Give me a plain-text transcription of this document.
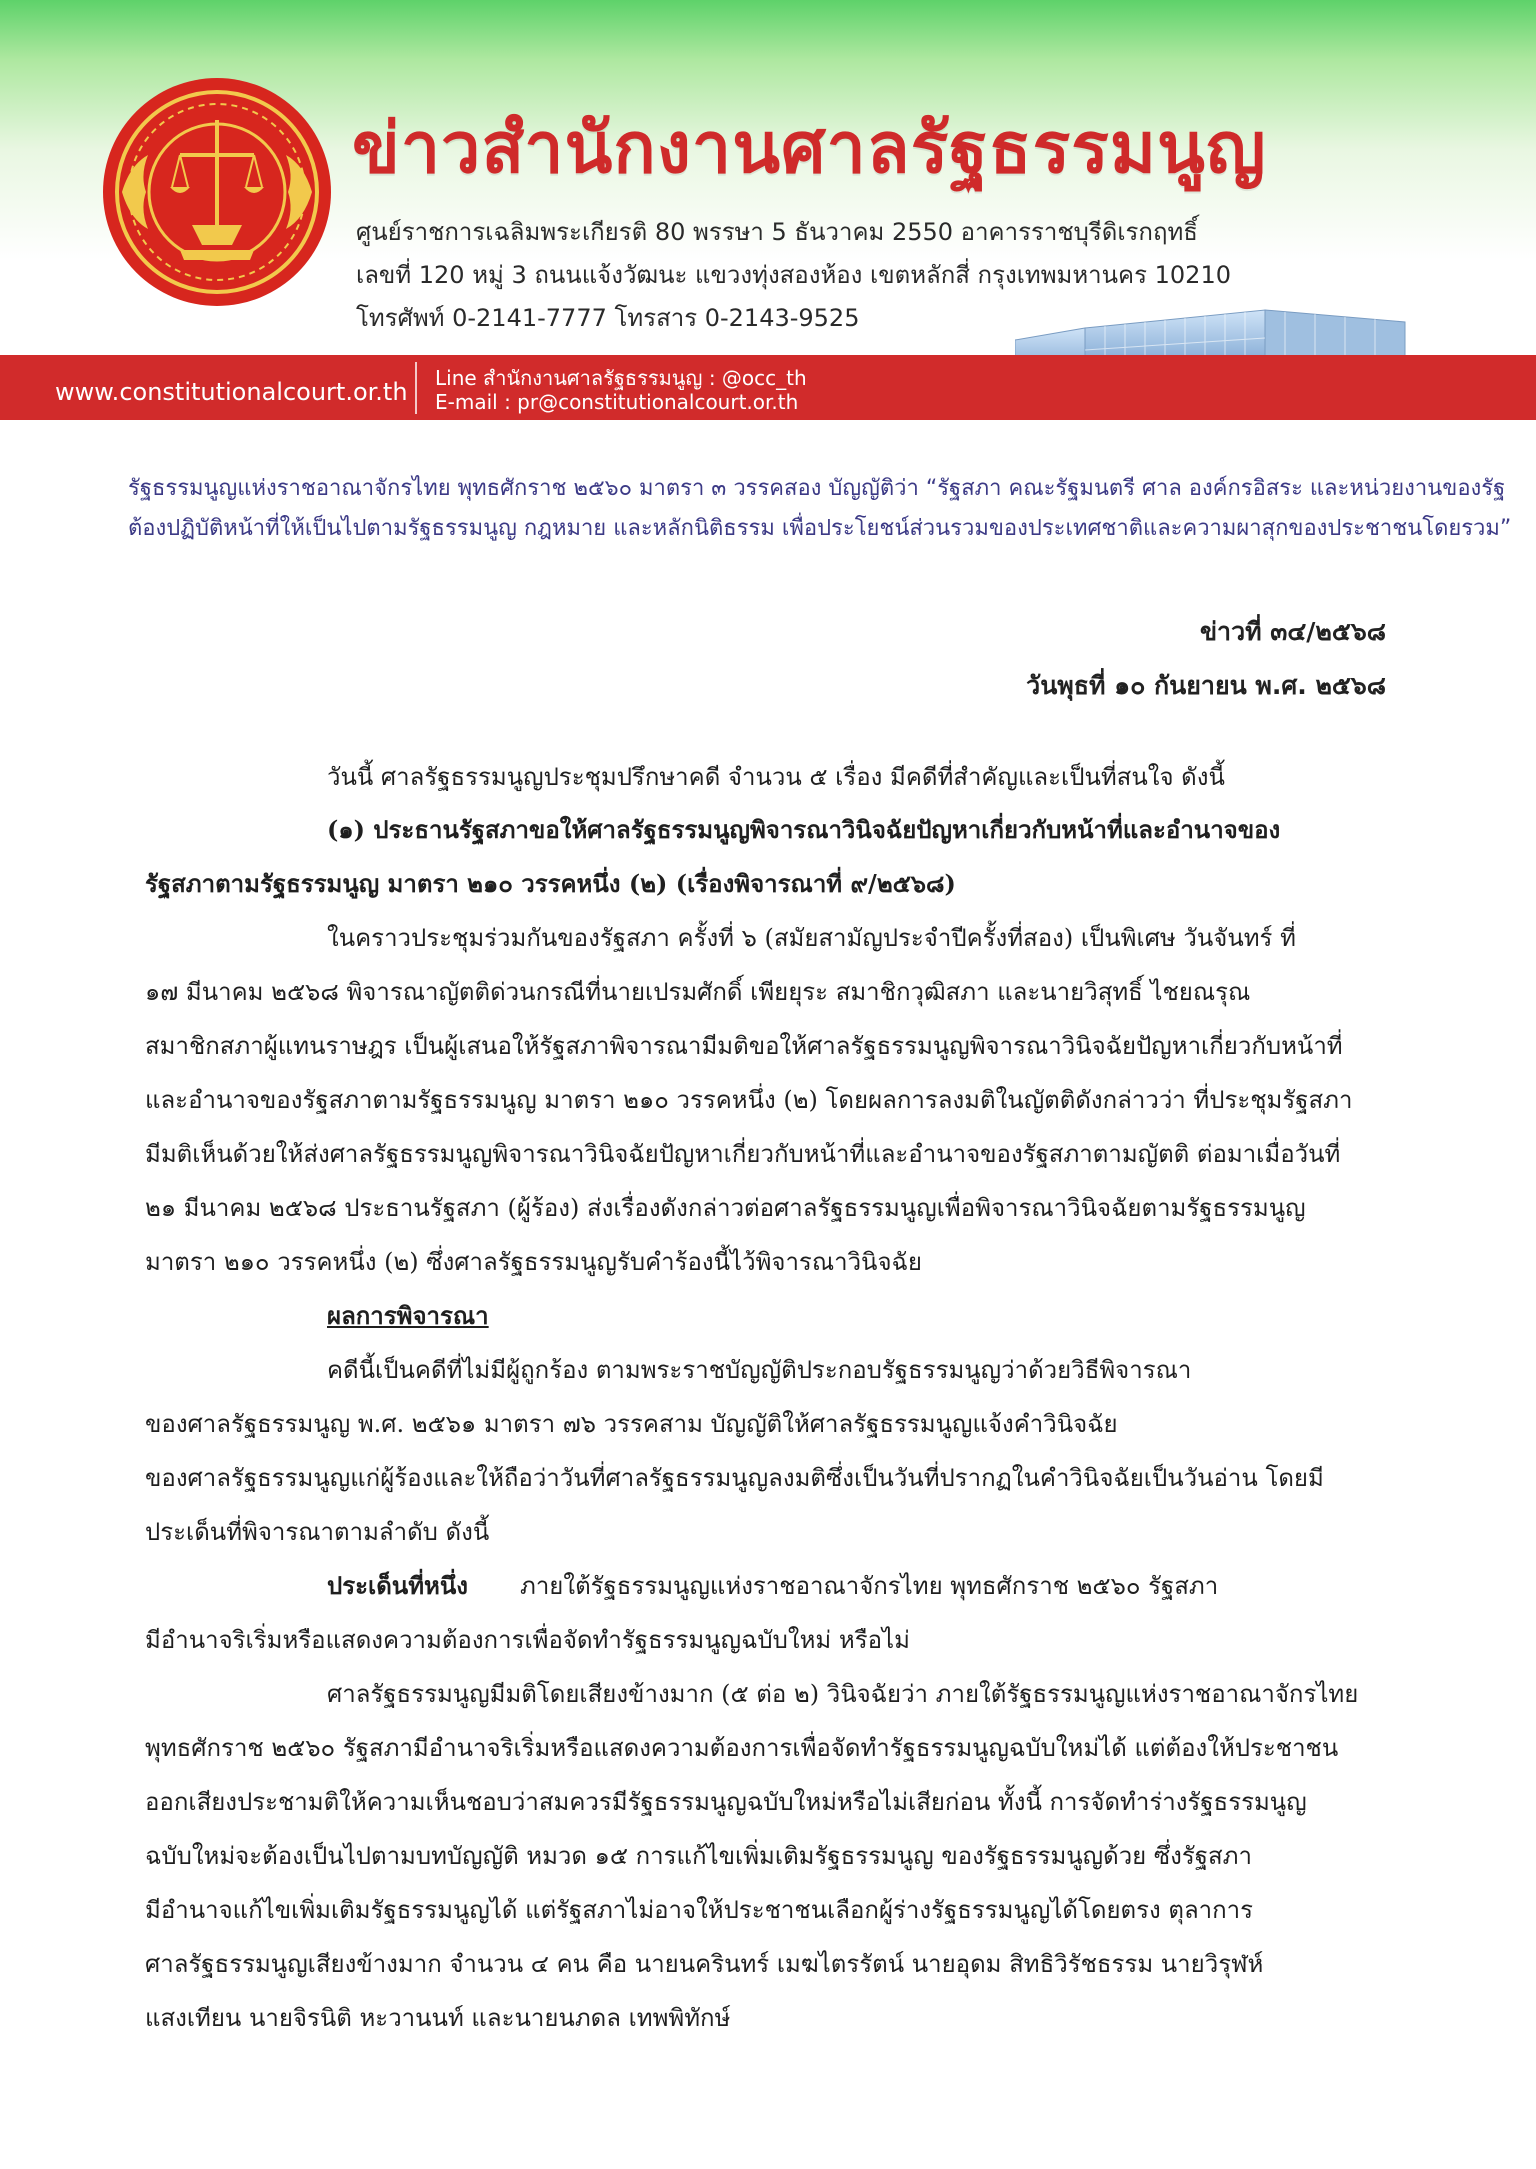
ข่าวสำนักงานศาลรัฐธรรมนูญ
ศูนย์ราชการเฉลิมพระเกียรติ 80 พรรษา 5 ธันวาคม 2550 อาคารราชบุรีดิเรกฤทธิ์
เลขที่ 120 หมู่ 3 ถนนแจ้งวัฒนะ แขวงทุ่งสองห้อง เขตหลักสี่ กรุงเทพมหานคร 10210
โทรศัพท์ 0-2141-7777 โทรสาร 0-2143-9525
www.constitutionalcourt.or.th Line สำนักงานศาลรัฐธรรมนูญ : @occ_th
E-mail : pr@constitutionalcourt.or.th
รัฐธรรมนูญแห่งราชอาณาจักรไทย พุทธศักราช ๒๕๖๐ มาตรา ๓ วรรคสอง บัญญัติว่า “รัฐสภา คณะรัฐมนตรี ศาล องค์กรอิสระ และหน่วยงานของรัฐ
ต้องปฏิบัติหน้าที่ให้เป็นไปตามรัฐธรรมนูญ กฎหมาย และหลักนิติธรรม เพื่อประโยชน์ส่วนรวมของประเทศชาติและความผาสุกของประชาชนโดยรวม”
ข่าวที่ ๓๔/๒๕๖๘
วันพุธที่ ๑๐ กันยายน พ.ศ. ๒๕๖๘
วันนี้ ศาลรัฐธรรมนูญประชุมปรึกษาคดี จำนวน ๕ เรื่อง มีคดีที่สำคัญและเป็นที่สนใจ ดังนี้
(๑) ประธานรัฐสภาขอให้ศาลรัฐธรรมนูญพิจารณาวินิจฉัยปัญหาเกี่ยวกับหน้าที่และอำนาจของ
รัฐสภาตามรัฐธรรมนูญ มาตรา ๒๑๐ วรรคหนึ่ง (๒) (เรื่องพิจารณาที่ ๙/๒๕๖๘)
ในคราวประชุมร่วมกันของรัฐสภา ครั้งที่ ๖ (สมัยสามัญประจำปีครั้งที่สอง) เป็นพิเศษ วันจันทร์ ที่
๑๗ มีนาคม ๒๕๖๘ พิจารณาญัตติด่วนกรณีที่นายเปรมศักดิ์ เพียยุระ สมาชิกวุฒิสภา และนายวิสุทธิ์ ไชยณรุณ
สมาชิกสภาผู้แทนราษฎร เป็นผู้เสนอให้รัฐสภาพิจารณามีมติขอให้ศาลรัฐธรรมนูญพิจารณาวินิจฉัยปัญหาเกี่ยวกับหน้าที่
และอำนาจของรัฐสภาตามรัฐธรรมนูญ มาตรา ๒๑๐ วรรคหนึ่ง (๒) โดยผลการลงมติในญัตติดังกล่าวว่า ที่ประชุมรัฐสภา
มีมติเห็นด้วยให้ส่งศาลรัฐธรรมนูญพิจารณาวินิจฉัยปัญหาเกี่ยวกับหน้าที่และอำนาจของรัฐสภาตามญัตติ ต่อมาเมื่อวันที่
๒๑ มีนาคม ๒๕๖๘ ประธานรัฐสภา (ผู้ร้อง) ส่งเรื่องดังกล่าวต่อศาลรัฐธรรมนูญเพื่อพิจารณาวินิจฉัยตามรัฐธรรมนูญ
มาตรา ๒๑๐ วรรคหนึ่ง (๒) ซึ่งศาลรัฐธรรมนูญรับคำร้องนี้ไว้พิจารณาวินิจฉัย
ผลการพิจารณา
คดีนี้เป็นคดีที่ไม่มีผู้ถูกร้อง ตามพระราชบัญญัติประกอบรัฐธรรมนูญว่าด้วยวิธีพิจารณา
ของศาลรัฐธรรมนูญ พ.ศ. ๒๕๖๑ มาตรา ๗๖ วรรคสาม บัญญัติให้ศาลรัฐธรรมนูญแจ้งคำวินิจฉัย
ของศาลรัฐธรรมนูญแก่ผู้ร้องและให้ถือว่าวันที่ศาลรัฐธรรมนูญลงมติซึ่งเป็นวันที่ปรากฏในคำวินิจฉัยเป็นวันอ่าน โดยมี
ประเด็นที่พิจารณาตามลำดับ ดังนี้
ประเด็นที่หนึ่ง ภายใต้รัฐธรรมนูญแห่งราชอาณาจักรไทย พุทธศักราช ๒๕๖๐ รัฐสภา
มีอำนาจริเริ่มหรือแสดงความต้องการเพื่อจัดทำรัฐธรรมนูญฉบับใหม่ หรือไม่
ศาลรัฐธรรมนูญมีมติโดยเสียงข้างมาก (๕ ต่อ ๒) วินิจฉัยว่า ภายใต้รัฐธรรมนูญแห่งราชอาณาจักรไทย
พุทธศักราช ๒๕๖๐ รัฐสภามีอำนาจริเริ่มหรือแสดงความต้องการเพื่อจัดทำรัฐธรรมนูญฉบับใหม่ได้ แต่ต้องให้ประชาชน
ออกเสียงประชามติให้ความเห็นชอบว่าสมควรมีรัฐธรรมนูญฉบับใหม่หรือไม่เสียก่อน ทั้งนี้ การจัดทำร่างรัฐธรรมนูญ
ฉบับใหม่จะต้องเป็นไปตามบทบัญญัติ หมวด ๑๕ การแก้ไขเพิ่มเติมรัฐธรรมนูญ ของรัฐธรรมนูญด้วย ซึ่งรัฐสภา
มีอำนาจแก้ไขเพิ่มเติมรัฐธรรมนูญได้ แต่รัฐสภาไม่อาจให้ประชาชนเลือกผู้ร่างรัฐธรรมนูญได้โดยตรง ตุลาการ
ศาลรัฐธรรมนูญเสียงข้างมาก จำนวน ๔ คน คือ นายนครินทร์ เมฆไตรรัตน์ นายอุดม สิทธิวิรัชธรรม นายวิรุฬห์
แสงเทียน นายจิรนิติ หะวานนท์ และนายนภดล เทพพิทักษ์
